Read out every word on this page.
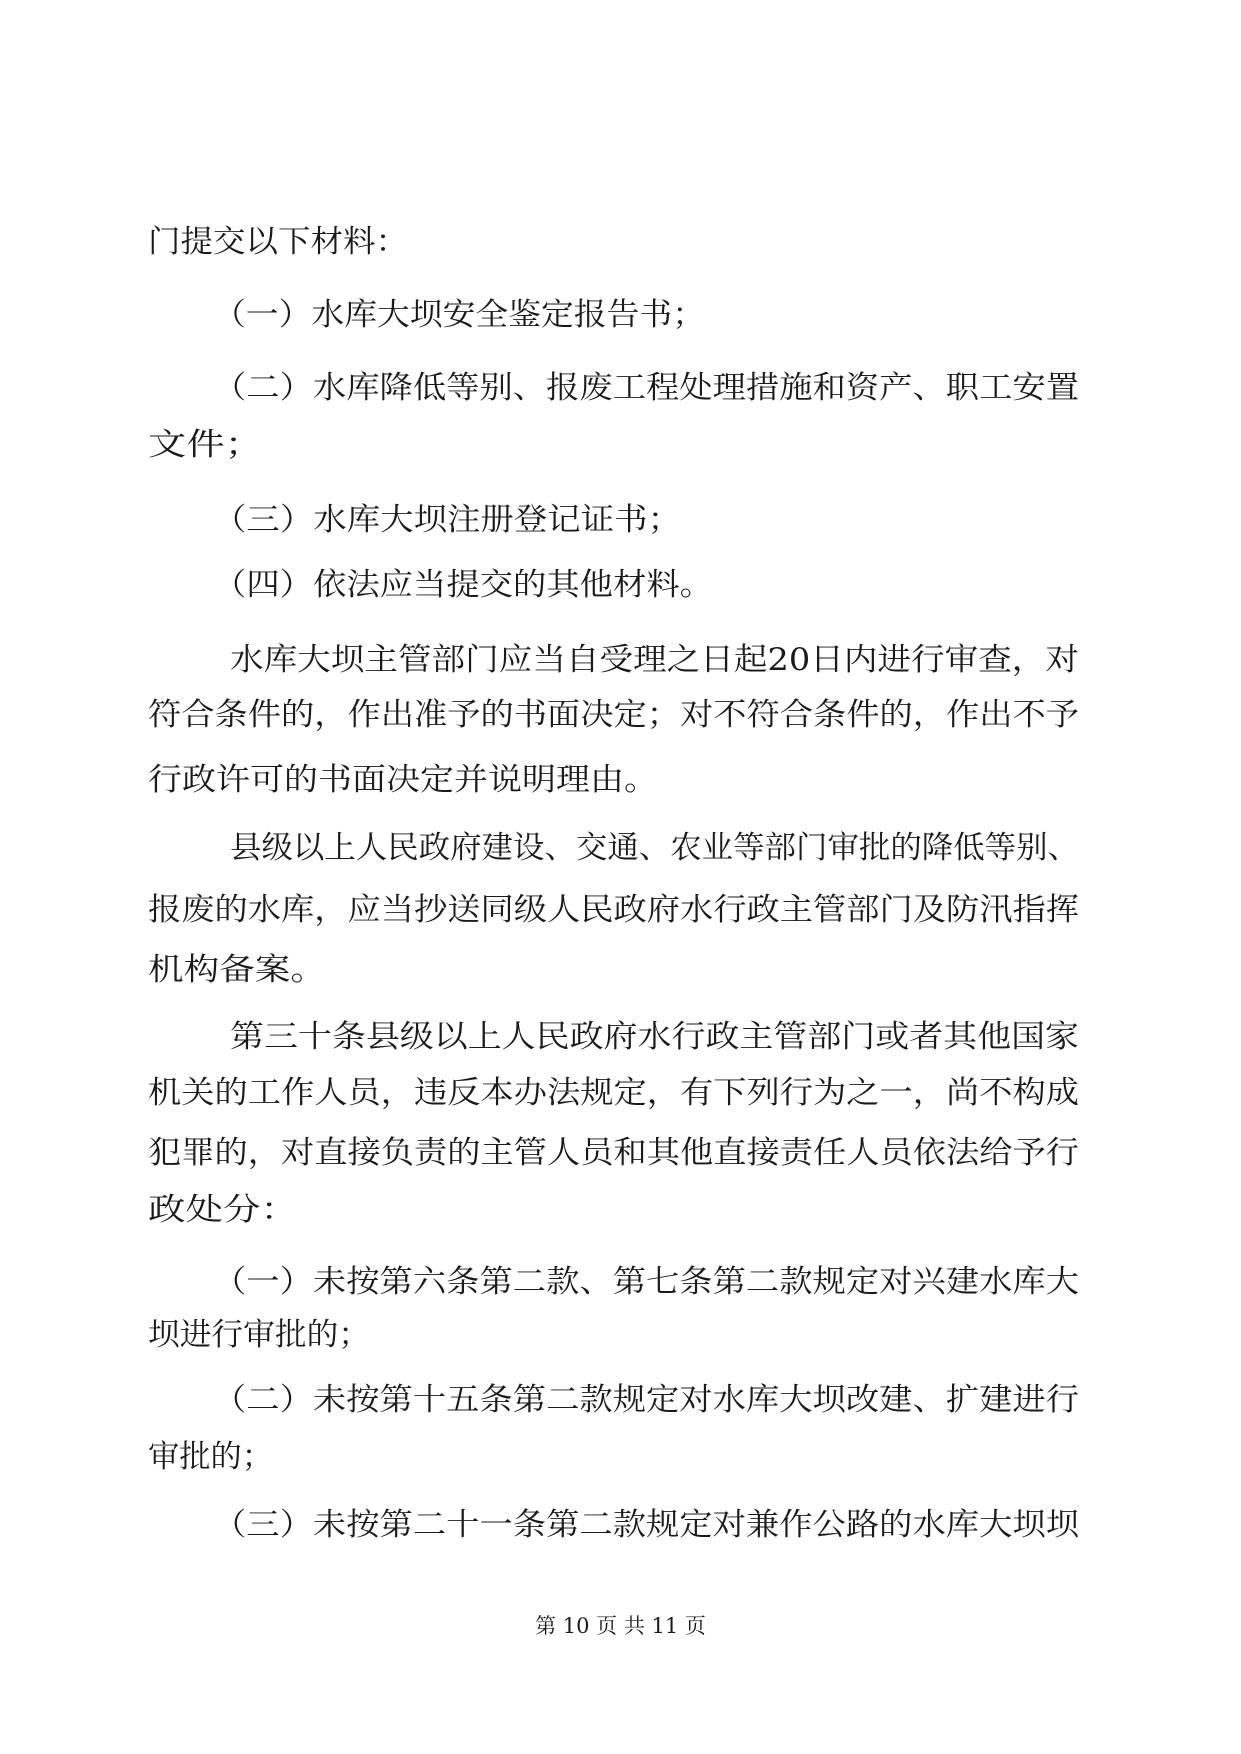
门提交以下材料：
（一）水库大坝安全鉴定报告书；
（二）水库降低等别、报废工程处理措施和资产、职工安置
文件；
（三）水库大坝注册登记证书；
（四）依法应当提交的其他材料。
水库大坝主管部门应当自受理之日起20日内进行审查，对
符合条件的，作出准予的书面决定；对不符合条件的，作出不予
行政许可的书面决定并说明理由。
县级以上人民政府建设、交通、农业等部门审批的降低等别、
报废的水库，应当抄送同级人民政府水行政主管部门及防汛指挥
机构备案。
第三十条县级以上人民政府水行政主管部门或者其他国家
机关的工作人员，违反本办法规定，有下列行为之一，尚不构成
犯罪的，对直接负责的主管人员和其他直接责任人员依法给予行
政处分：
（一）未按第六条第二款、第七条第二款规定对兴建水库大
坝进行审批的；
（二）未按第十五条第二款规定对水库大坝改建、扩建进行
审批的；
（三）未按第二十一条第二款规定对兼作公路的水库大坝坝
第 10 页 共 11 页
